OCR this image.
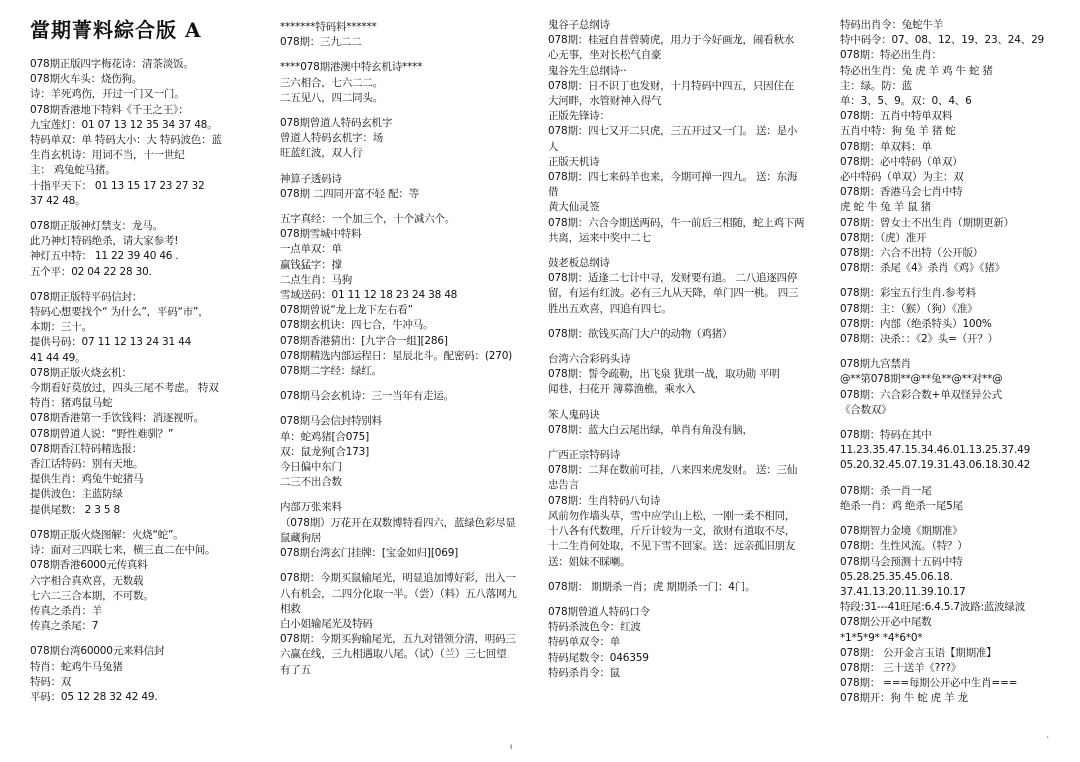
當期菁料綜合版 A
078期正版四字梅花诗：清茶淡饭。
078期火车头：烧伤狗。
诗：羊死鸡伤，开过一门又一门。
078期香港地下特料《千王之王》：
九宝莲灯：01 07 13 12 35 34 37 48。
特码单双：单 特码大小：大 特码波色：蓝
生肖玄机诗：用词不当，十一世纪
主： 鸡兔蛇马猪。
十指平天下： 01 13 15 17 23 27 32
37 42 48。
078期正版神灯禁支：龙马。
此乃神灯特码绝杀，请大家参考!
神灯五中特： 11 22 39 40 46 .
五个平：02 04 22 28 30.
078期正版特平码信封：
特码心想要找个“ 为什么”，平码“市”，
本期：三十。
提供号码：07 11 12 13 24 31 44
41 44 49。
078期正版火烧玄机：
今期看好莫放过，四头三尾不考虑。 特双
特肖：猪鸡鼠马蛇
078期香港第一手饮钱料：消逐视听。
078期曾道人说：“野性难驯？”
078期香江特码精选报：
香江话特码：别有天地。
提供生肖：鸡兔牛蛇猪马
提供波色：主蓝防绿
提供尾数： 2 3 5 8
078期正版火烧图解：火烧“蛇”。
诗：面对三四联七来，横三直二在中间。
078期香港6000元传真料
六字相合真欢喜，无数载
七六二三合本期，不可数。
传真之杀肖：羊
传真之杀尾：7
078期台湾60000元来料信封
特肖：蛇鸡牛马兔猪
特码：双
平码：05 12 28 32 42 49.
*******特码料******
078期：三九二二
****078期港澳中特玄机诗****
三六相合，七六二二。
二五见八，四二同头。
078期曾道人特码玄机字
曾道人特码玄机字：场
旺蓝红波，双人行
神算子透码诗
078期 二四同开富不轻 配：等
五字真经：一个加三个，十个减六个。
078期雪城中特料
一点单双：单
赢钱猛字：撑
二点生肖：马狗
雪域送码：01 11 12 18 23 24 38 48
078期曾说“龙上龙下左右看”
078期玄机诀：四七合，牛冲马。
078期香港猜出：[九字合一组][286]
078期精选内部运程日：星辰北斗。配密码：(270)
078期二字经：绿红。
078期马会玄机诗：三一当年有走运。
078期马会信封特别料
单：蛇鸡猪[合075]
双：鼠龙狗[合173]
今日偏中东门
二三不出合数
内部万张来料
（078期）万花开在双数博特看四六，蓝绿色彩尽显
鼠藏狗居
078期台湾玄门挂牌：[宝金如归][069]
078期：今期买鼠输尾光，明显追加博好彩，出入一
八有机会，二四分化取一半。（尝）（料）五八落网九
相救
白小姐输尾光及特码
078期：今期买狗输尾光，五九对错领分清，明码三
六赢在线，三九相遇取八尾。（试）（兰）三七回望
有了五
鬼谷子总纲诗
078期：桂冠自昔曾骑虎，用力于今好画龙，闹看秋水
心无事，坐对长松气自豪
鬼谷先生总纲诗··
078期：日不识丁也发财，十月特码中四五，只因住在
大河畔，水管财神入得气
正版先锋诗：
078期：四七又开二只虎，三五开过又一门。 送：是小
人
正版天机诗
078期：四七来码羊也来，今期可掸一四九。 送：东海
借
黄大仙灵签
078期：六合今期送两码，牛一前后三相随，蛇上鸡下两
共离，运来中奖中二七
鼓老板总纲诗
078期：适逢二七计中寻，发财要有道。 二八追逐四停
留，有运有红波。必有三九从天降，单门四一桃。 四三
胜出五欢喜，四追有四七。
078期：欲钱买高门大户的动物（鸡猪）
台湾六合彩码头诗
078期：誓令疏勒，出飞泉 犹琪一战，取功勋 平明
闻巷，扫花开 簿募渔樵，乘水入
笨人鬼码诀
078期：蓝大白云尾出绿，单肖有角没有脑，
广西正宗特码诗
078期：二拜在数前可挂，八来四来虎发财。 送：三仙
忠告言
078期：生肖特码八句诗
风前勿作墙头草，雪中应学山上松，一刚一柔不相同，
十八各有代数理，斤斤计较为一文，欲财有道取不尽，
十二生肖何处取，不见下雪不回家。送：远亲孤旧朋友
送：姐妹不睬喇。
078期： 期期杀一肖；虎 期期杀一门：4门。
078期曾道人特码口令
特码杀波色令：红波
特码单双令：单
特码尾数令：046359
特码杀肖令：鼠
特码出肖令：兔蛇牛羊
特中码令：07、08、12、19、23、24、29
078期：特必出生肖：
特必出生肖：兔 虎 羊 鸡 牛 蛇 猪
主：绿。防：蓝
单：3、5、9。双：0、4、6
078期：五肖中特单双料
五肖中特：狗 兔 羊 猪 蛇
078期：单双料：单
078期：必中特码（单双）
必中特码（单双）为主：双
078期：香港马会七肖中特
虎 蛇 牛 兔 羊 鼠 猪
078期：曾女士不出生肖（期期更新）
078期：（虎）准开
078期：六合不出特（公开版）
078期：杀尾《4》杀肖《鸡》《猪》
078期：彩宝五行生肖.参考料
078期：主：（猴）（狗）《准》
078期：内部（绝杀特头）100%
078期：决杀：：《2》头=（开？）
078期九宫禁肖
@**第078期**@**兔**@**对**@
078期：六合彩合数+单双怪异公式
《合数双》
078期：特码在其中
11.23.35.47.15.34.46.01.13.25.37.49
05.20.32.45.07.19.31.43.06.18.30.42
078期：杀一肖一尾
绝杀一肖：鸡 绝杀一尾5尾
078期智力金境《期期准》
078期：生性风流。（特？）
078期马会预测十五码中特
05.28.25.35.45.06.18.
37.41.13.20.11.39.10.17
特段:31---41旺尾:6.4.5.7波路:蓝波绿波
078期公开必中尾数
*1*5*9* *4*6*0*
078期： 公开金言玉语【期期准】
078期： 三十送羊《???》
078期： ===每期公开必中生肖===
078期开：狗 牛 蛇 虎 羊 龙
ı
ˋ
